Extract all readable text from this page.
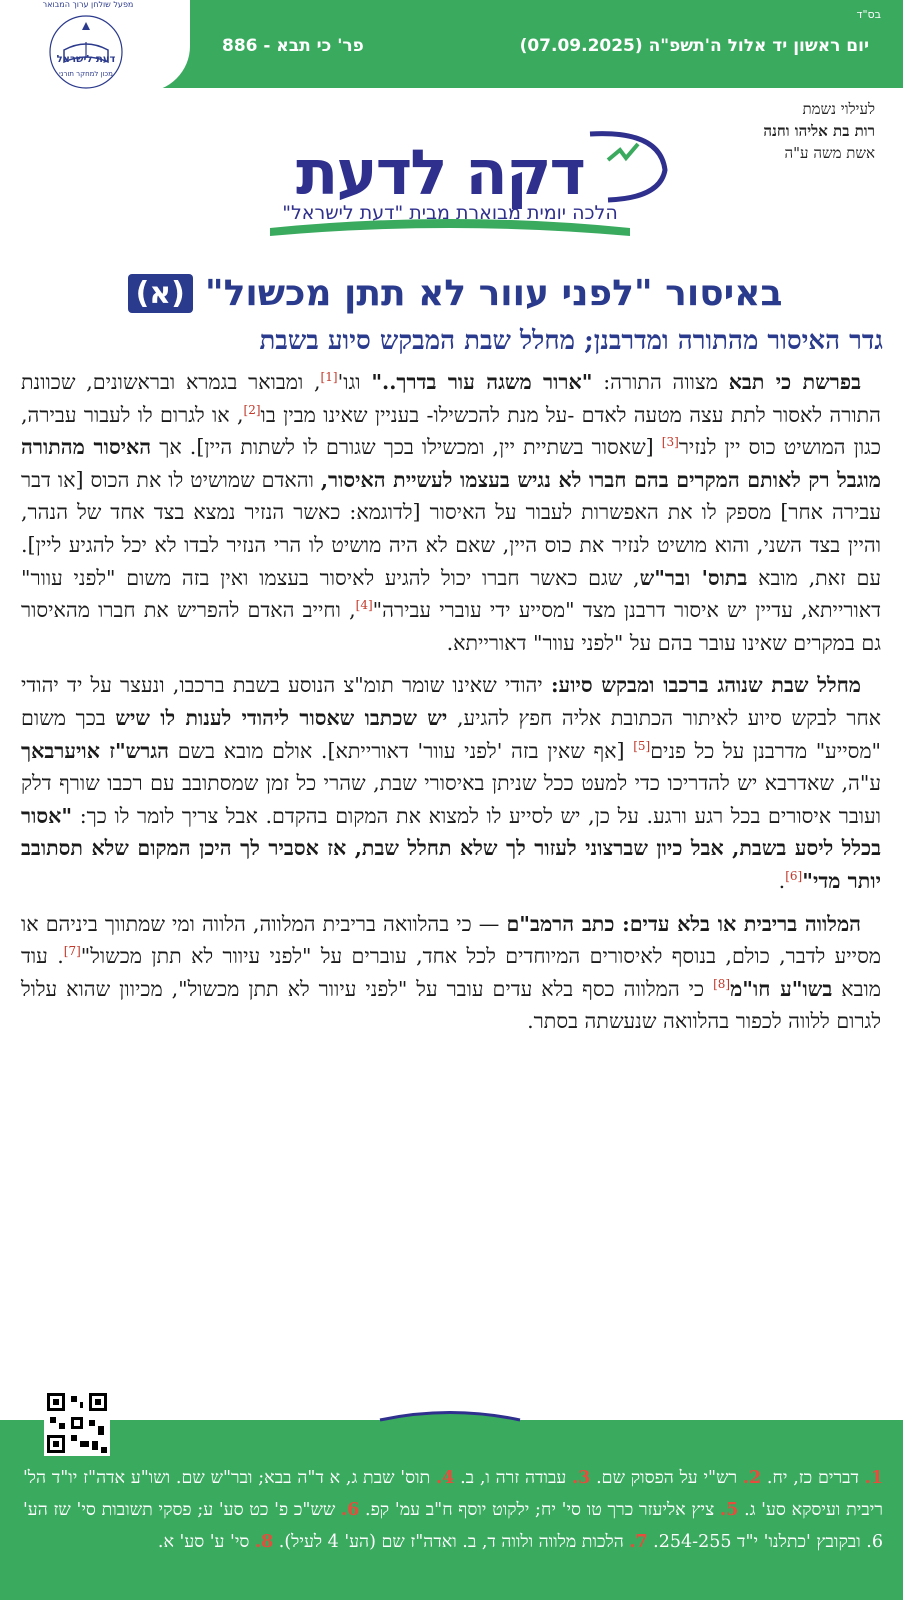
בס"ד
יום ראשון יד אלול ה'תשפ"ה (07.09.2025)
פר' כי תבא - 886
מפעל שולחן ערוך המבואר
דעת לישראל
מכון למחקר תורני
לעילוי נשמת
רות בת אליהו וחנה
אשת משה ע"ה
דקה לדעת
הלכה יומית מבוארת מבית "דעת לישראל"
באיסור "לפני עוור לא תתן מכשול"
(א)
גדר האיסור מהתורה ומדרבנן; מחלל שבת המבקש סיוע בשבת

בפרשת כי תבא מצווה התורה: "ארור משגה עור בדרך.." וגו'[1], ומבואר בגמרא ובראשונים, שכוונת התורה לאסור לתת עצה מטעה לאדם -על מנת להכשילו- בעניין שאינו מבין בו[2], או לגרום לו לעבור עבירה, כגון המושיט כוס יין לנזיר[3] [שאסור בשתיית יין, ומכשילו בכך שגורם לו לשתות היין]. אך האיסור מהתורה מוגבל רק לאותם המקרים בהם חברו לא נגיש בעצמו לעשיית האיסור, והאדם שמושיט לו את הכוס [או דבר עבירה אחר] מספק לו את האפשרות לעבור על האיסור [לדוגמא: כאשר הנזיר נמצא בצד אחד של הנהר, והיין בצד השני, והוא מושיט לנזיר את כוס היין, שאם לא היה מושיט לו הרי הנזיר לבדו לא יכל להגיע ליין]. עם זאת, מובא בתוס' ובר"ש, שגם כאשר חברו יכול להגיע לאיסור בעצמו ואין בזה משום "לפני עוור" דאורייתא, עדיין יש איסור דרבנן מצד "מסייע ידי עוברי עבירה"[4], וחייב האדם להפריש את חברו מהאיסור גם במקרים שאינו עובר בהם על "לפני עוור" דאורייתא.

מחלל שבת שנוהג ברכבו ומבקש סיוע: יהודי שאינו שומר תומ"צ הנוסע בשבת ברכבו, ונעצר על יד יהודי אחר לבקש סיוע לאיתור הכתובת אליה חפץ להגיע, יש שכתבו שאסור ליהודי לענות לו שיש בכך משום "מסייע" מדרבנן על כל פנים[5] [אף שאין בזה 'לפני עוור' דאורייתא]. אולם מובא בשם הגרש"ז אויערבאך ע"ה, שאדרבא יש להדריכו כדי למעט ככל שניתן באיסורי שבת, שהרי כל זמן שמסתובב עם רכבו שורף דלק ועובר איסורים בכל רגע ורגע. על כן, יש לסייע לו למצוא את המקום בהקדם. אבל צריך לומר לו כך: "אסור בכלל ליסע בשבת, אבל כיון שברצוני לעזור לך שלא תחלל שבת, אז אסביר לך היכן המקום שלא תסתובב יותר מדי"[6].

המלווה בריבית או בלא עדים: כתב הרמב"ם — כי בהלוואה בריבית המלווה, הלווה ומי שמתווך ביניהם או מסייע לדבר, כולם, בנוסף לאיסורים המיוחדים לכל אחד, עוברים על "לפני עיוור לא תתן מכשול"[7]. עוד מובא בשו"ע חו"מ[8] כי המלווה כסף בלא עדים עובר על "לפני עיוור לא תתן מכשול", מכיוון שהוא עלול לגרום ללווה לכפור בהלוואה שנעשתה בסתר.

1. דברים כז, יח. 2. רש"י על הפסוק שם. 3. עבודה זרה ו, ב. 4. תוס' שבת ג, א ד"ה בבא; ובר"ש שם. ושו"ע אדה"ז יו"ד הל' ריבית ועיסקא סע' ג. 5. ציץ אליעזר כרך טו סי' יח; ילקוט יוסף ח"ב עמ' קפ. 6. שש"כ פ' כט סע' ע; פסקי תשובות סי' שז הע' 6. ובקובץ 'כתלנו' י"ד 254-255. 7. הלכות מלווה ולווה ד, ב. ואדה"ז שם (הע' 4 לעיל). 8. סי' ע' סע' א.
